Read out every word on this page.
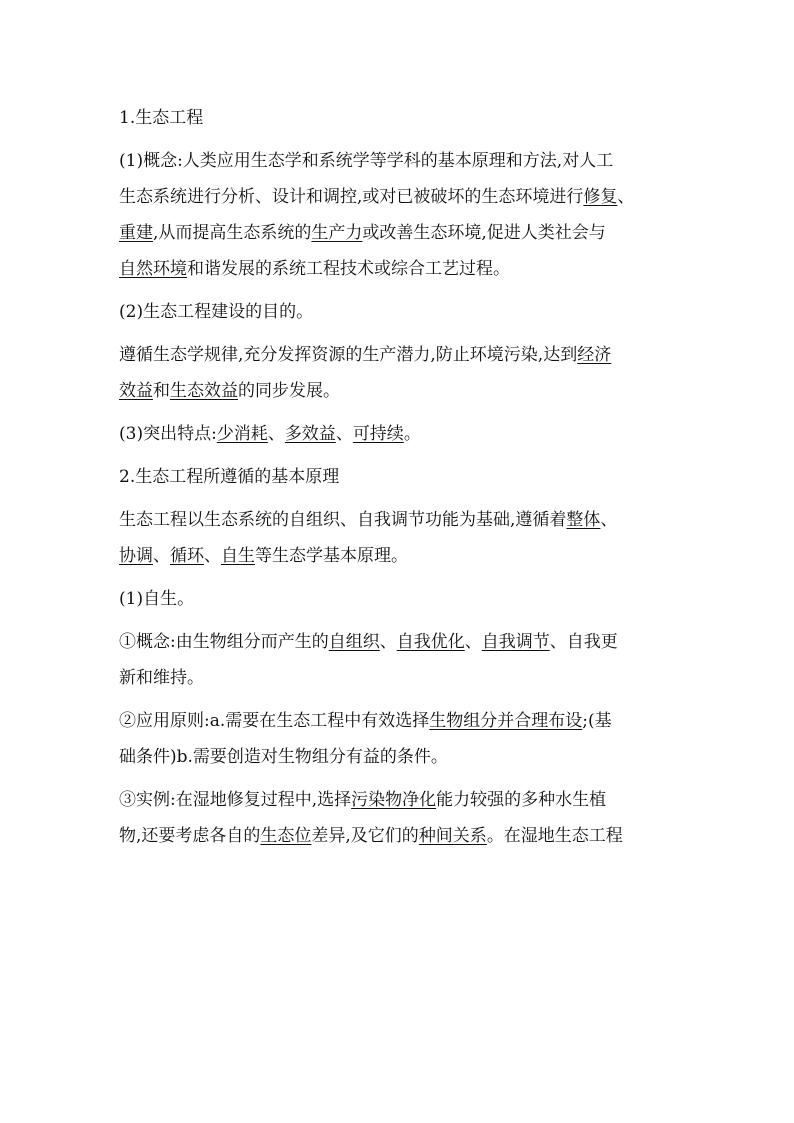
1.生态工程

(1)概念:人类应用生态学和系统学等学科的基本原理和方法,对人工
生态系统进行分析、设计和调控,或对已被破坏的生态环境进行修复、
重建,从而提高生态系统的生产力或改善生态环境,促进人类社会与
自然环境和谐发展的系统工程技术或综合工艺过程。

(2)生态工程建设的目的。

遵循生态学规律,充分发挥资源的生产潜力,防止环境污染,达到经济
效益和生态效益的同步发展。

(3)突出特点:少消耗、多效益、可持续。

2.生态工程所遵循的基本原理

生态工程以生态系统的自组织、自我调节功能为基础,遵循着整体、
协调、循环、自生等生态学基本原理。

(1)自生。

①概念:由生物组分而产生的自组织、自我优化、自我调节、自我更
新和维持。

②应用原则:a.需要在生态工程中有效选择生物组分并合理布设;(基
础条件)b.需要创造对生物组分有益的条件。

③实例:在湿地修复过程中,选择污染物净化能力较强的多种水生植
物,还要考虑各自的生态位差异,及它们的种间关系。在湿地生态工程
